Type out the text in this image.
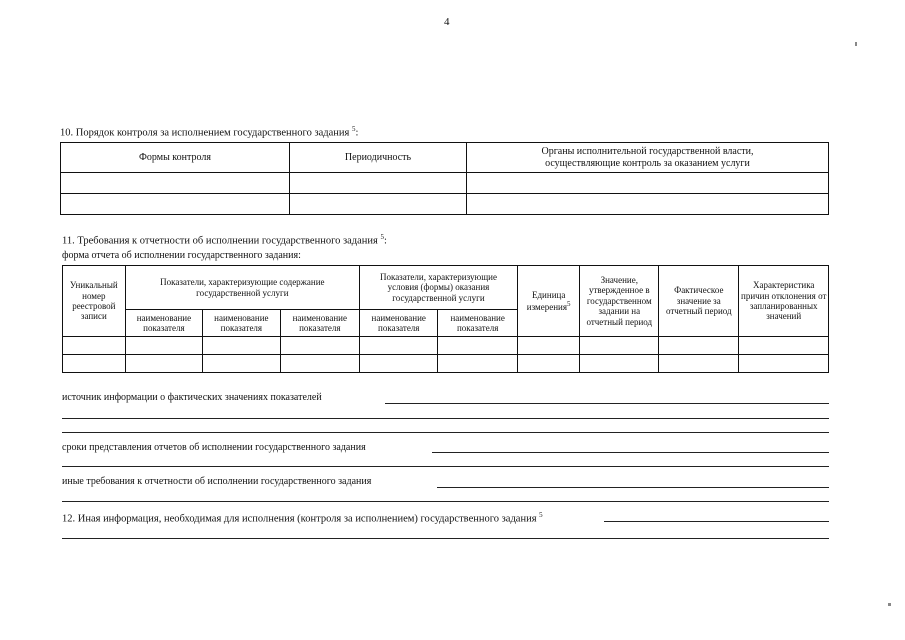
4
10. Порядок контроля за исполнением государственного задания $^5$:
Формы контроля	Периодичность	Органы исполнительной государственной власти, осуществляющие контроль за оказанием услуги

11. Требования к отчетности об исполнении государственного задания $^5$:
форма отчета об исполнении государственного задания:
Уникальный номер реестровой записи	Показатели, характеризующие содержание государственной услуги			Показатели, характеризующие условия (формы) оказания государственной услуги		Единица измерения$^5$	Значение, утвержденное в государственном задании на отчетный период	Фактическое значение за отчетный период	Характеристика причин отклонения от запланированных значений
	наименование показателя	наименование показателя	наименование показателя	наименование показателя	наименование показателя				

источник информации о фактических значениях показателей
сроки представления отчетов об исполнении государственного задания
иные требования к отчетности об исполнении государственного задания
12. Иная информация, необходимая для исполнения (контроля за исполнением) государственного задания $^5$
